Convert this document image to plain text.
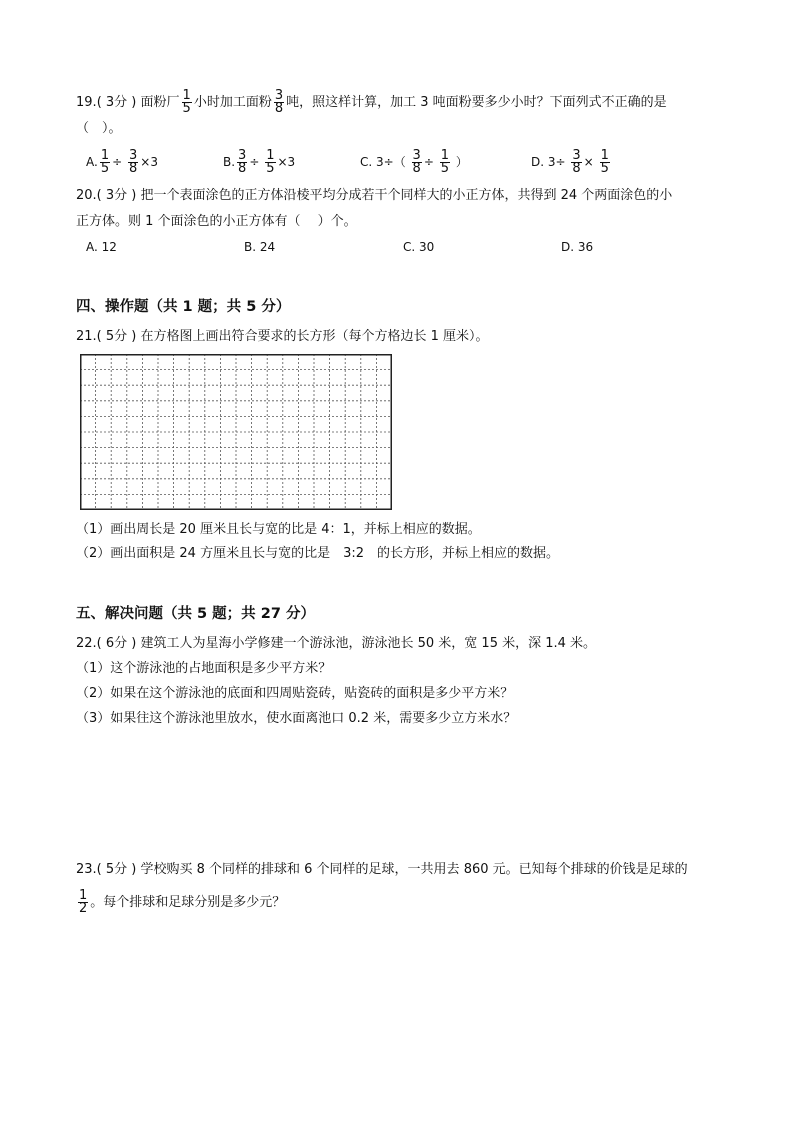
19.( 3分 ) 面粉厂 $\frac{1}{5}$ 小时加工面粉 $\frac{3}{8}$ 吨，照这样计算，加工 3 吨面粉要多少小时？下面列式不正确的是
（　）。
A. $\frac{1}{5} \div \frac{3}{8} \times 3$	B. $\frac{3}{8} \div \frac{1}{5} \times 3$	C. $3\div( \frac{3}{8} \div \frac{1}{5}$ ）	D. $3\div \frac{3}{8} \times \frac{1}{5}$
20.( 3分 ) 把一个表面涂色的正方体沿棱平均分成若干个同样大的小正方体，共得到 24 个两面涂色的小
正方体。则 1 个面涂色的小正方体有（　 ）个。
A. 12	B. 24	C. 30	D. 36
四、操作题（共 1 题；共 5 分）
21.( 5分 ) 在方格图上画出符合要求的长方形（每个方格边长 1 厘米）。
（1）画出周长是 20 厘米且长与宽的比是 4：1，并标上相应的数据。
（2）画出面积是 24 方厘米且长与宽的比是　3:2　的长方形，并标上相应的数据。
五、解决问题（共 5 题；共 27 分）
22.( 6分 ) 建筑工人为星海小学修建一个游泳池，游泳池长 50 米，宽 15 米，深 1.4 米。
（1）这个游泳池的占地面积是多少平方米？
（2）如果在这个游泳池的底面和四周贴瓷砖，贴瓷砖的面积是多少平方米？
（3）如果往这个游泳池里放水，使水面离池口 0.2 米，需要多少立方米水？
23.( 5分 ) 学校购买 8 个同样的排球和 6 个同样的足球，一共用去 860 元。已知每个排球的价钱是足球的
$\frac{1}{2}$ 。每个排球和足球分别是多少元？
